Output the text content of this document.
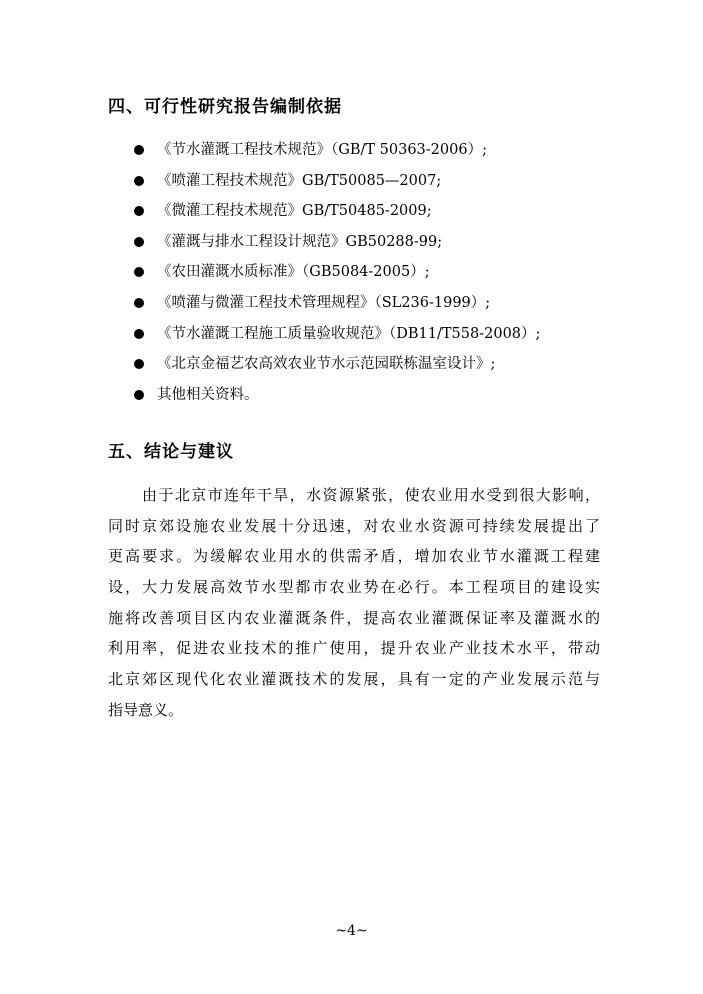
四、可行性研究报告编制依据
《节水灌溉工程技术规范》（GB/T 50363-2006）;
《喷灌工程技术规范》GB/T50085—2007;
《微灌工程技术规范》GB/T50485-2009;
《灌溉与排水工程设计规范》GB50288-99;
《农田灌溉水质标准》（GB5084-2005）;
《喷灌与微灌工程技术管理规程》（SL236-1999）;
《节水灌溉工程施工质量验收规范》（DB11/T558-2008）;
《北京金福艺农高效农业节水示范园联栋温室设计》;
其他相关资料。
五、结论与建议
由于北京市连年干旱，水资源紧张，使农业用水受到很大影响，
同时京郊设施农业发展十分迅速，对农业水资源可持续发展提出了
更高要求。为缓解农业用水的供需矛盾，增加农业节水灌溉工程建
设，大力发展高效节水型都市农业势在必行。本工程项目的建设实
施将改善项目区内农业灌溉条件，提高农业灌溉保证率及灌溉水的
利用率，促进农业技术的推广使用，提升农业产业技术水平，带动
北京郊区现代化农业灌溉技术的发展，具有一定的产业发展示范与
指导意义。
~4~
